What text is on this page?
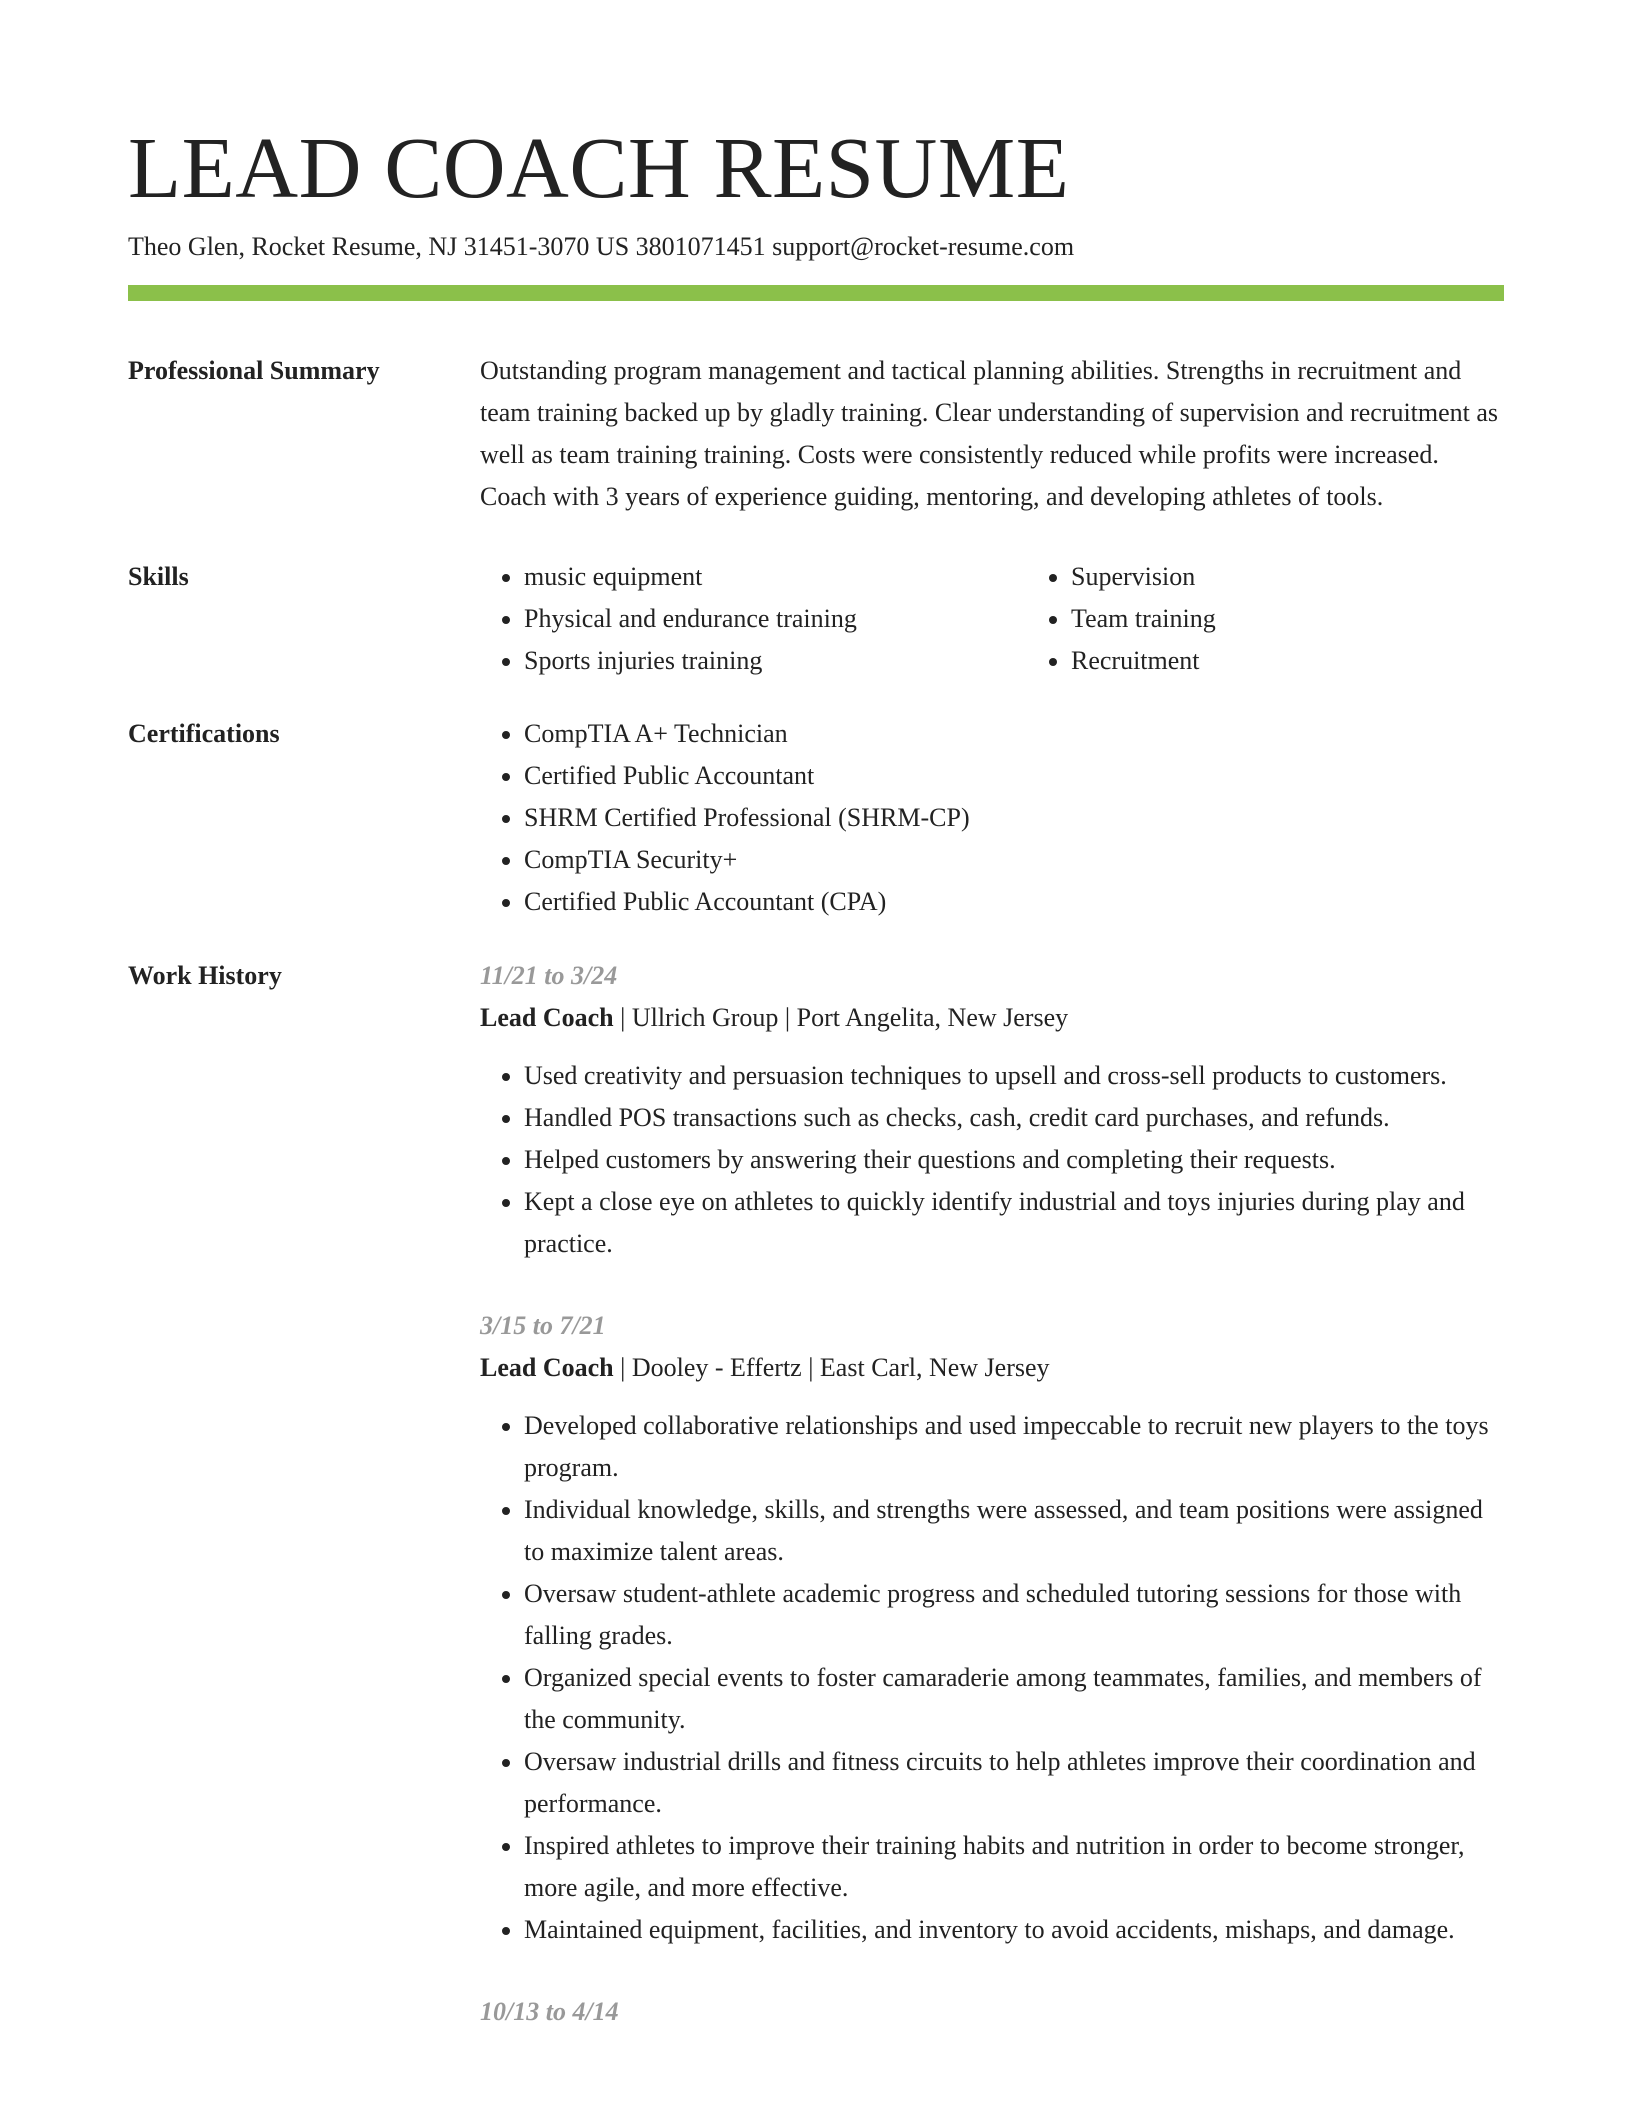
LEAD COACH RESUME
Theo Glen, Rocket Resume, NJ 31451-3070 US 3801071451 support@rocket-resume.com
Professional Summary	Outstanding program management and tactical planning abilities. Strengths in recruitment and team training backed up by gladly training. Clear understanding of supervision and recruitment as well as team training training. Costs were consistently reduced while profits were increased. Coach with 3 years of experience guiding, mentoring, and developing athletes of tools.

Skills	• music equipment
• Physical and endurance training
• Sports injuries training
• Supervision
• Team training
• Recruitment
Certifications	• CompTIA A+ Technician
• Certified Public Accountant
• SHRM Certified Professional (SHRM-CP)
• CompTIA Security+
• Certified Public Accountant (CPA)
Work History	11/21 to 3/24
Lead Coach | Ullrich Group | Port Angelita, New Jersey
• Used creativity and persuasion techniques to upsell and cross-sell products to customers.
• Handled POS transactions such as checks, cash, credit card purchases, and refunds.
• Helped customers by answering their questions and completing their requests.
• Kept a close eye on athletes to quickly identify industrial and toys injuries during play and practice.
3/15 to 7/21
Lead Coach | Dooley - Effertz | East Carl, New Jersey
• Developed collaborative relationships and used impeccable to recruit new players to the toys program.
• Individual knowledge, skills, and strengths were assessed, and team positions were assigned to maximize talent areas.
• Oversaw student-athlete academic progress and scheduled tutoring sessions for those with falling grades.
• Organized special events to foster camaraderie among teammates, families, and members of the community.
• Oversaw industrial drills and fitness circuits to help athletes improve their coordination and performance.
• Inspired athletes to improve their training habits and nutrition in order to become stronger, more agile, and more effective.
• Maintained equipment, facilities, and inventory to avoid accidents, mishaps, and damage.
10/13 to 4/14
